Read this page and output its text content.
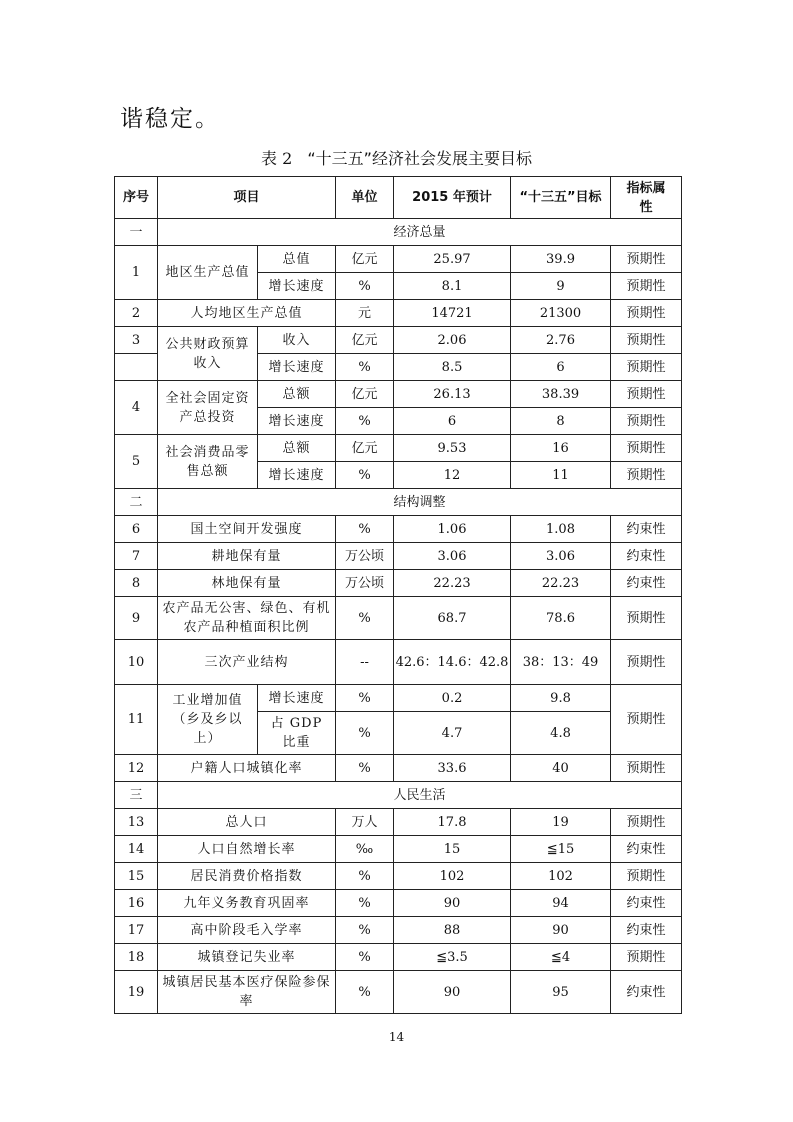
谐稳定。
表 2 “十三五”经济社会发展主要目标
序号	项目		单位	2015 年预计	“十三五”目标	指标属性
一	经济总量					
1	地区生产总值	总值	亿元	25.97	39.9	预期性
		增长速度	%	8.1	9	预期性
2	人均地区生产总值		元	14721	21300	预期性
3	公共财政预算收入	收入	亿元	2.06	2.76	预期性
		增长速度	%	8.5	6	预期性
4	全社会固定资产总投资	总额	亿元	26.13	38.39	预期性
		增长速度	%	6	8	预期性
5	社会消费品零售总额	总额	亿元	9.53	16	预期性
		增长速度	%	12	11	预期性
二	结构调整					
6	国土空间开发强度		%	1.06	1.08	约束性
7	耕地保有量		万公顷	3.06	3.06	约束性
8	林地保有量		万公顷	22.23	22.23	约束性
9	农产品无公害、绿色、有机农产品种植面积比例		%	68.7	78.6	预期性
10	三次产业结构		--	42.6：14.6：42.8	38：13：49	预期性
11	工业增加值（乡及乡以上）	增长速度	%	0.2	9.8	预期性
		占 GDP 比重	%	4.7	4.8	
12	户籍人口城镇化率		%	33.6	40	预期性
三	人民生活					
13	总人口		万人	17.8	19	预期性
14	人口自然增长率		‰	15	≦15	约束性
15	居民消费价格指数		%	102	102	预期性
16	九年义务教育巩固率		%	90	94	约束性
17	高中阶段毛入学率		%	88	90	约束性
18	城镇登记失业率		%	≦3.5	≦4	预期性
19	城镇居民基本医疗保险参保率		%	90	95	约束性
14
